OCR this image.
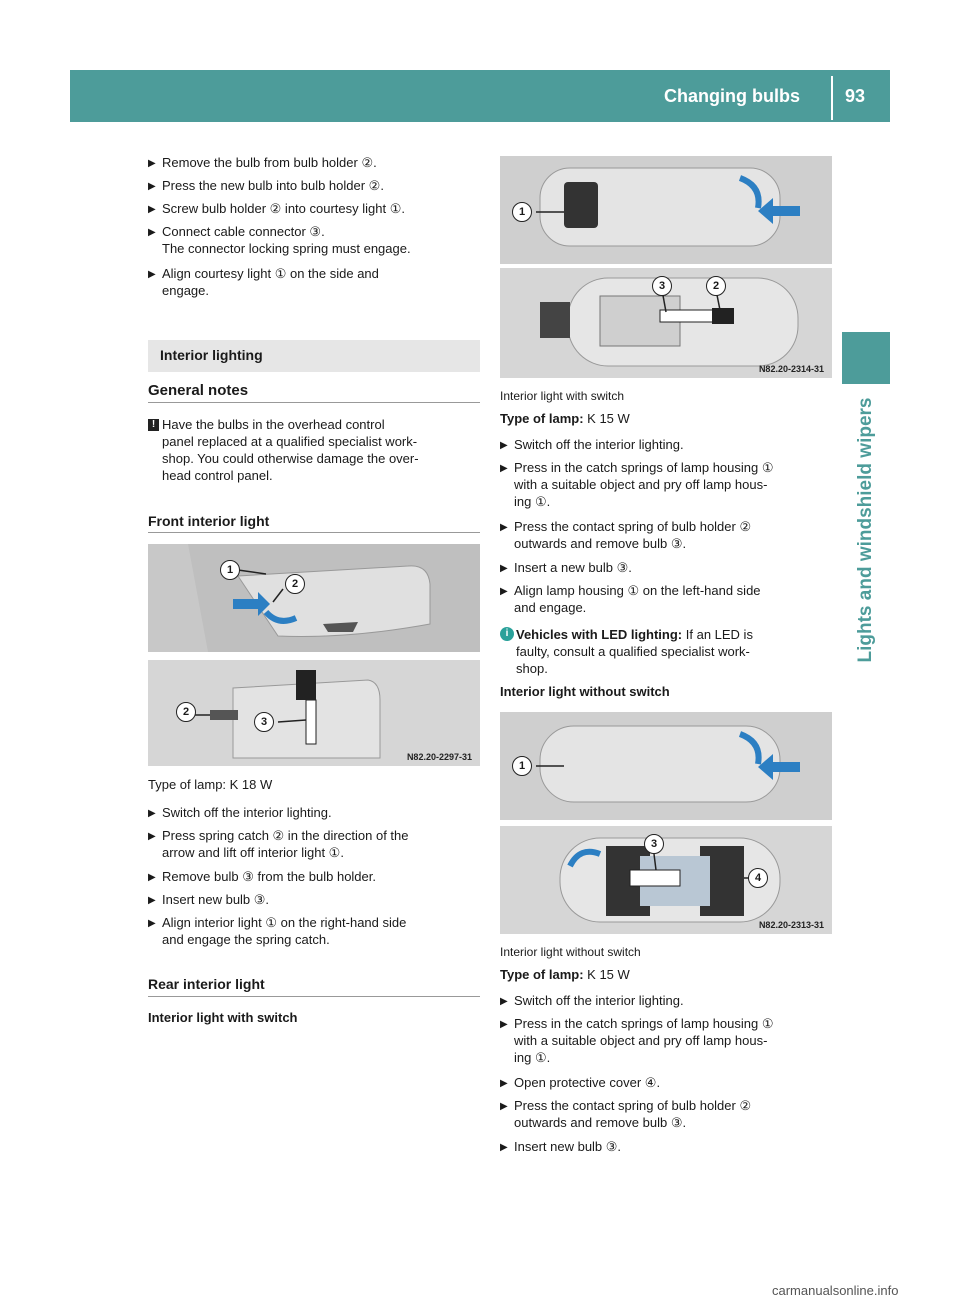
Changing bulbs	93
Lights and windshield wipers
▶ Remove the bulb from bulb holder ②.
▶ Press the new bulb into bulb holder ②.
▶ Screw bulb holder ② into courtesy light ①.
▶ Connect cable connector ③.
The connector locking spring must engage.
▶ Align courtesy light ① on the side and
engage.
Interior lighting
General notes
! Have the bulbs in the overhead control
panel replaced at a qualified specialist work-
shop. You could otherwise damage the over-
head control panel.
Front interior light
1
2
2
3
N82.20-2297-31
Type of lamp: K 18 W
▶ Switch off the interior lighting.
▶ Press spring catch ② in the direction of the
arrow and lift off interior light ①.
▶ Remove bulb ③ from the bulb holder.
▶ Insert new bulb ③.
▶ Align interior light ① on the right-hand side
and engage the spring catch.
Rear interior light
Interior light with switch
1
3	2
N82.20-2314-31
Interior light with switch
Type of lamp: K 15 W
▶ Switch off the interior lighting.
▶ Press in the catch springs of lamp housing ①
with a suitable object and pry off lamp hous-
ing ①.
▶ Press the contact spring of bulb holder ②
outwards and remove bulb ③.
▶ Insert a new bulb ③.
▶ Align lamp housing ① on the left-hand side
and engage.
i Vehicles with LED lighting: If an LED is
faulty, consult a qualified specialist work-
shop.
Interior light without switch
1
3
4
N82.20-2313-31
Interior light without switch
Type of lamp: K 15 W
▶ Switch off the interior lighting.
▶ Press in the catch springs of lamp housing ①
with a suitable object and pry off lamp hous-
ing ①.
▶ Open protective cover ④.
▶ Press the contact spring of bulb holder ②
outwards and remove bulb ③.
▶ Insert new bulb ③.
carmanualsonline.info
